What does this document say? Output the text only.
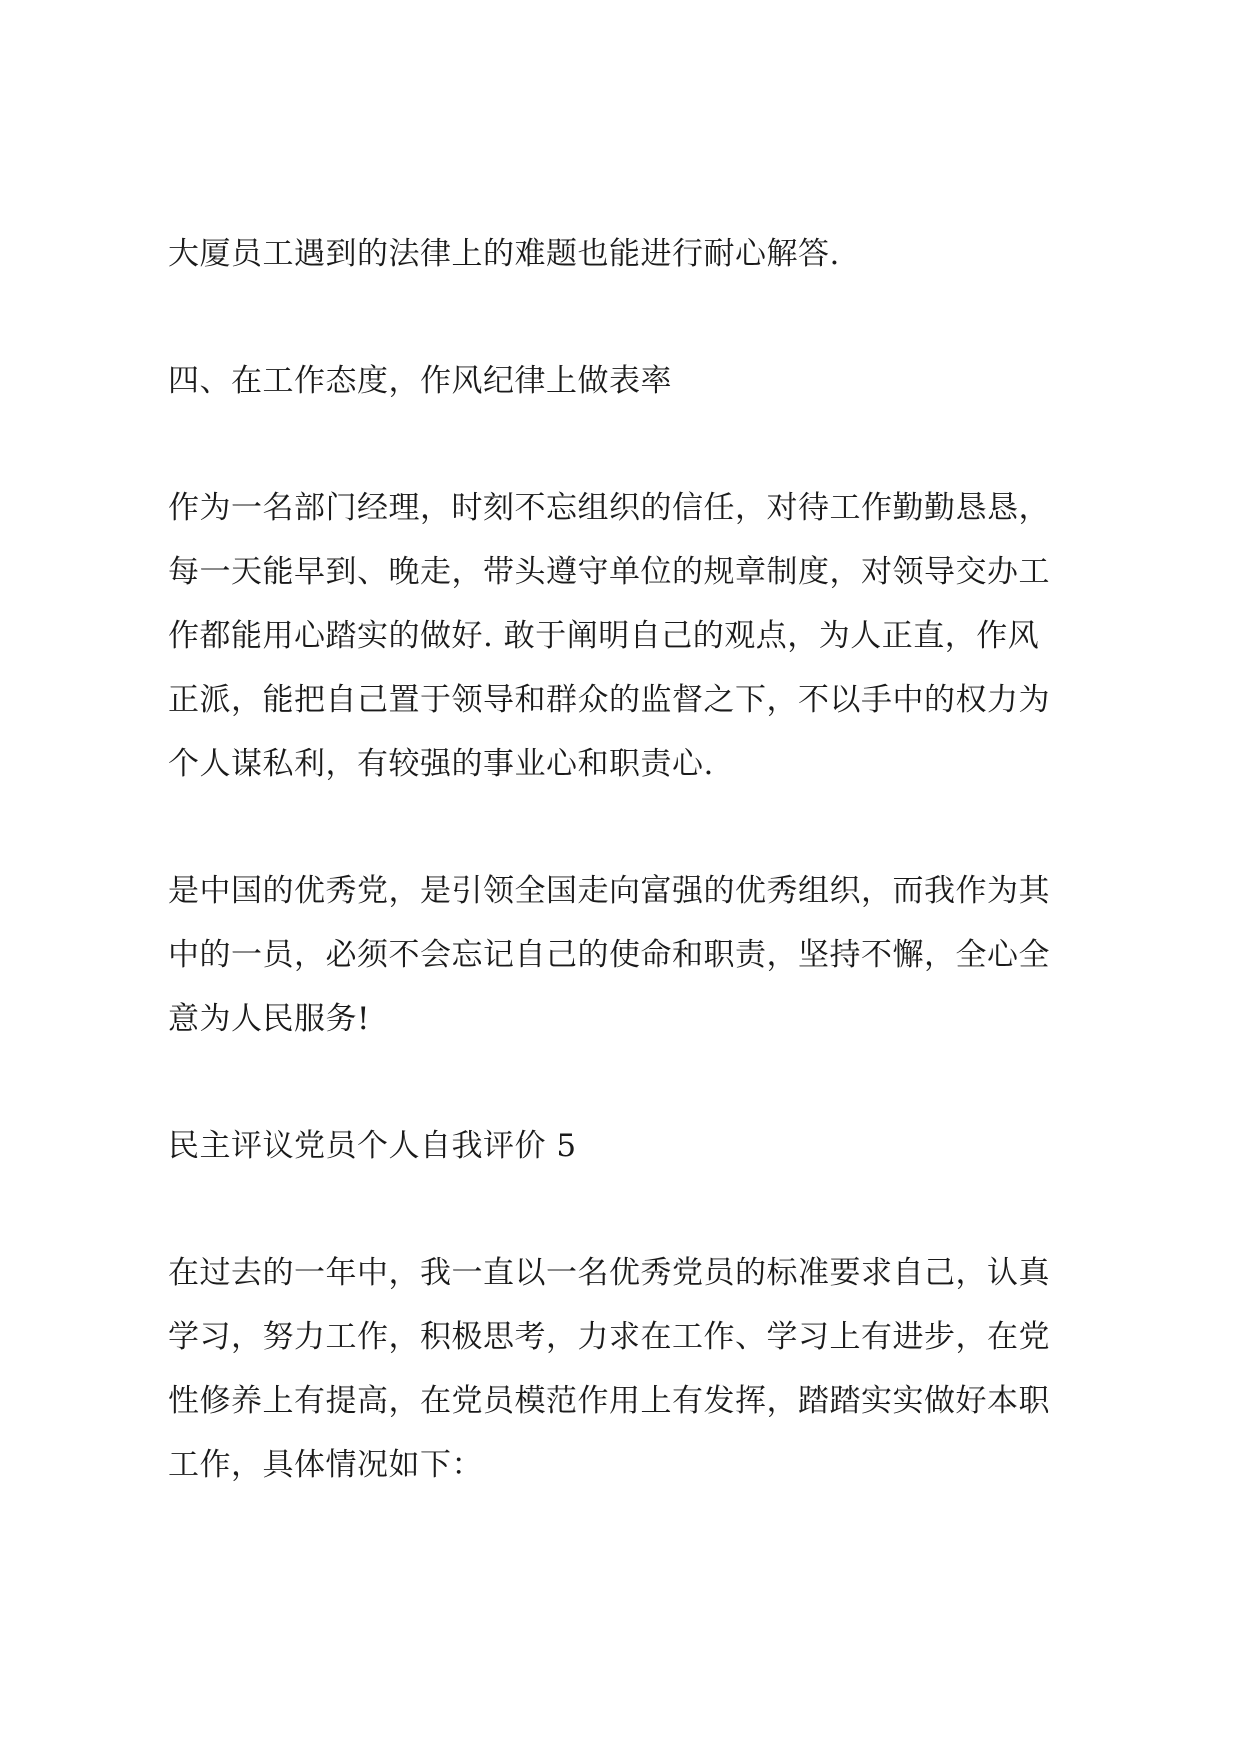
大厦员工遇到的法律上的难题也能进行耐心解答.

四、在工作态度，作风纪律上做表率

作为一名部门经理，时刻不忘组织的信任，对待工作勤勤恳恳，

每一天能早到、晚走，带头遵守单位的规章制度，对领导交办工

作都能用心踏实的做好. 敢于阐明自己的观点，为人正直，作风

正派，能把自己置于领导和群众的监督之下，不以手中的权力为

个人谋私利，有较强的事业心和职责心.

是中国的优秀党，是引领全国走向富强的优秀组织，而我作为其

中的一员，必须不会忘记自己的使命和职责，坚持不懈，全心全

意为人民服务!

民主评议党员个人自我评价 5

在过去的一年中，我一直以一名优秀党员的标准要求自己，认真

学习，努力工作，积极思考，力求在工作、学习上有进步，在党

性修养上有提高，在党员模范作用上有发挥，踏踏实实做好本职

工作，具体情况如下：
